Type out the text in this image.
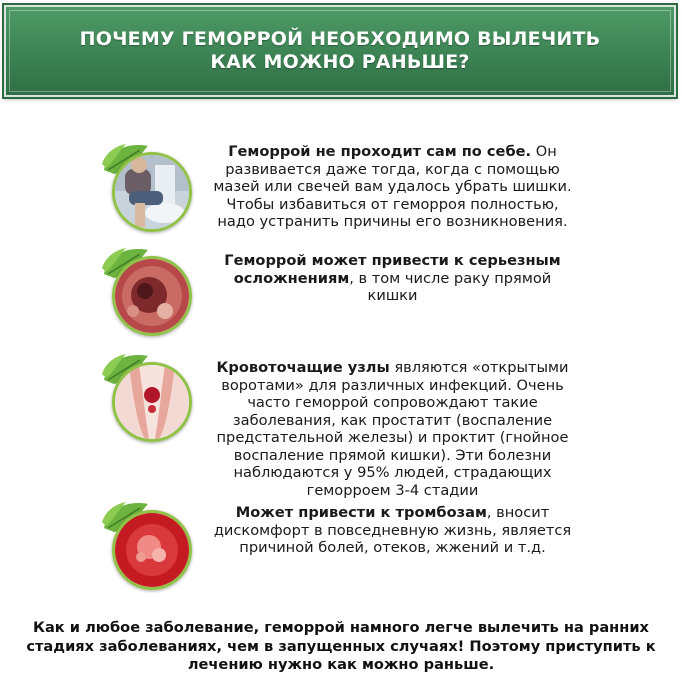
ПОЧЕМУ ГЕМОРРОЙ НЕОБХОДИМО ВЫЛЕЧИТЬ
КАК МОЖНО РАНЬШЕ?
Геморрой не проходит сам по себе. Он развивается даже тогда, когда с помощью мазей или свечей вам удалось убрать шишки. Чтобы избавиться от геморроя полностью, надо устранить причины его возникновения.
Геморрой может привести к серьезным осложнениям, в том числе раку прямой кишки
Кровоточащие узлы являются «открытыми воротами» для различных инфекций. Очень часто геморрой сопровождают такие заболевания, как простатит (воспаление предстательной железы) и проктит (гнойное воспаление прямой кишки). Эти болезни наблюдаются у 95% людей, страдающих геморроем 3-4 стадии
Может привести к тромбозам, вносит дискомфорт в повседневную жизнь, является причиной болей, отеков, жжений и т.д.
Как и любое заболевание, геморрой намного легче вылечить на ранних стадиях заболеваниях, чем в запущенных случаях! Поэтому приступить к лечению нужно как можно раньше.
